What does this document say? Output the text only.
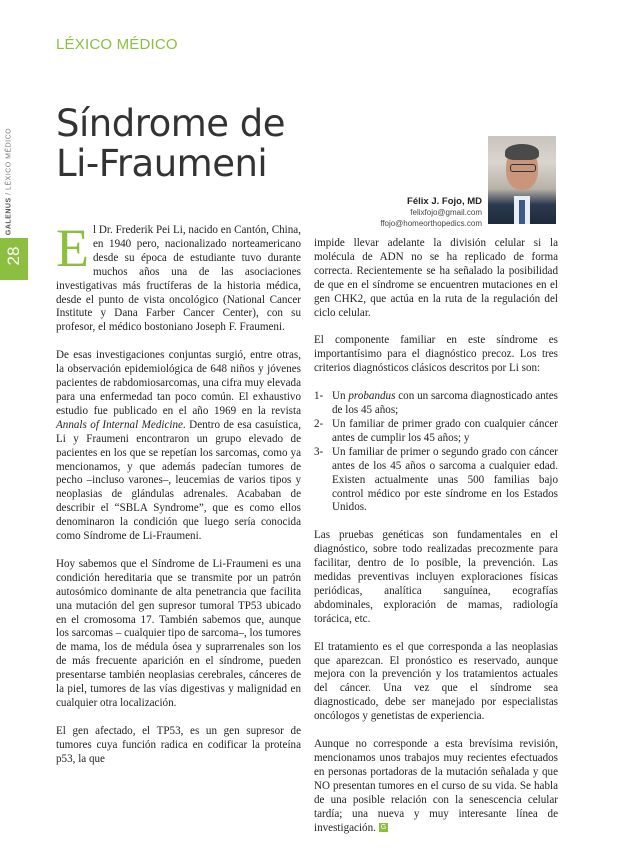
LÉXICO MÉDICO
Síndrome de
Li-Fraumeni
GALENUS / LÉXICO MÉDICO
28
Félix J. Fojo, MD
felixfojo@gmail.com
ffojo@homeorthopedics.com

El Dr. Frederik Pei Li, nacido en Cantón, China, en 1940 pero, nacionalizado norteamericano desde su época de estudiante tuvo durante muchos años una de las asociaciones investigativas más fructíferas de la historia médica, desde el punto de vista oncológico (National Cancer Institute y Dana Farber Cancer Center), con su profesor, el médico bostoniano Joseph F. Fraumeni.

De esas investigaciones conjuntas surgió, entre otras, la observación epidemiológica de 648 niños y jóvenes pacientes de rabdomiosarcomas, una cifra muy elevada para una enfermedad tan poco común. El exhaustivo estudio fue publicado en el año 1969 en la revista Annals of Internal Medicine. Dentro de esa casuística, Li y Fraumeni encontraron un grupo elevado de pacientes en los que se repetían los sarcomas, como ya mencionamos, y que además padecían tumores de pecho –incluso varones–, leucemias de varios tipos y neoplasias de glándulas adrenales. Acababan de describir el “SBLA Syndrome”, que es como ellos denominaron la condición que luego sería conocida como Síndrome de Li-Fraumeni.

Hoy sabemos que el Síndrome de Li-Fraumeni es una condición hereditaria que se transmite por un patrón autosómico dominante de alta penetrancia que facilita una mutación del gen supresor tumoral TP53 ubicado en el cromosoma 17. También sabemos que, aunque los sarcomas – cualquier tipo de sarcoma–, los tumores de mama, los de médula ósea y suprarrenales son los de más frecuente aparición en el síndrome, pueden presentarse también neoplasias cerebrales, cánceres de la piel, tumores de las vías digestivas y malignidad en cualquier otra localización.

El gen afectado, el TP53, es un gen supresor de tumores cuya función radica en codificar la proteína p53, la que

impide llevar adelante la división celular si la molécula de ADN no se ha replicado de forma correcta. Recientemente se ha señalado la posibilidad de que en el síndrome se encuentren mutaciones en el gen CHK2, que actúa en la ruta de la regulación del ciclo celular.

El componente familiar en este síndrome es importantísimo para el diagnóstico precoz. Los tres criterios diagnósticos clásicos descritos por Li son:

1- Un probandus con un sarcoma diagnosticado antes de los 45 años;
2- Un familiar de primer grado con cualquier cáncer antes de cumplir los 45 años; y
3- Un familiar de primer o segundo grado con cáncer antes de los 45 años o sarcoma a cualquier edad. Existen actualmente unas 500 familias bajo control médico por este síndrome en los Estados Unidos.

Las pruebas genéticas son fundamentales en el diagnóstico, sobre todo realizadas precozmente para facilitar, dentro de lo posible, la prevención. Las medidas preventivas incluyen exploraciones físicas periódicas, analítica sanguínea, ecografías abdominales, exploración de mamas, radiología torácica, etc.

El tratamiento es el que corresponda a las neoplasias que aparezcan. El pronóstico es reservado, aunque mejora con la prevención y los tratamientos actuales del cáncer. Una vez que el síndrome sea diagnosticado, debe ser manejado por especialistas oncólogos y genetistas de experiencia.

Aunque no corresponde a esta brevísima revisión, mencionamos unos trabajos muy recientes efectuados en personas portadoras de la mutación señalada y que NO presentan tumores en el curso de su vida. Se habla de una posible relación con la senescencia celular tardía; una nueva y muy interesante línea de investigación. G
